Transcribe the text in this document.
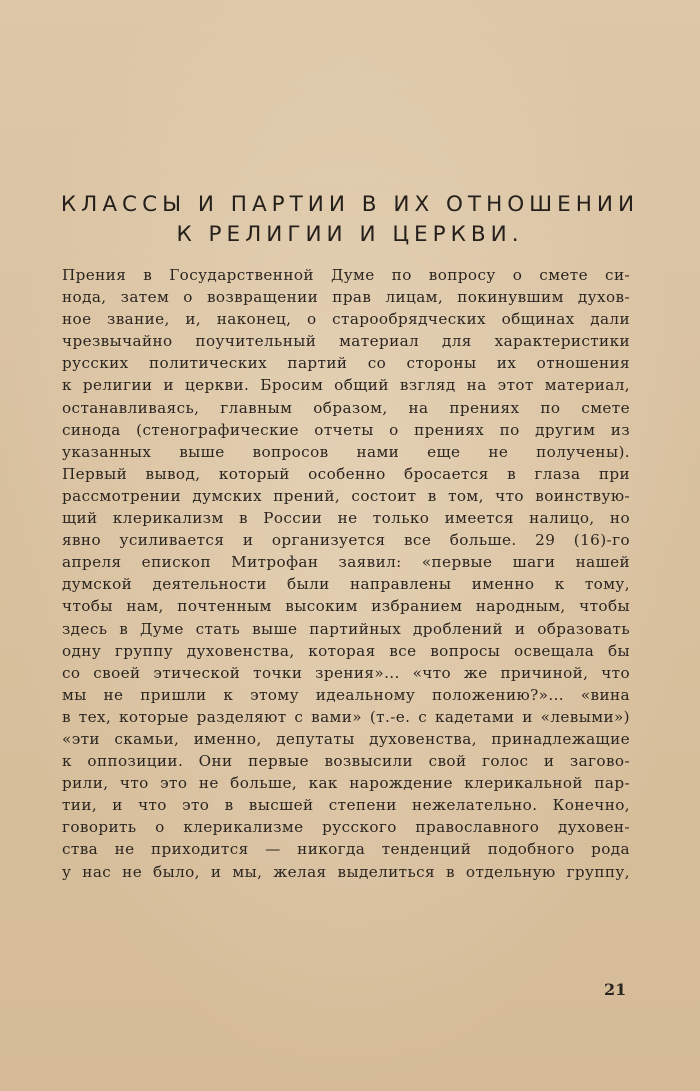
КЛАССЫ И ПАРТИИ В ИХ ОТНОШЕНИИ
К РЕЛИГИИ И ЦЕРКВИ.

Прения в Государственной Думе по вопросу о смете си-
нода, затем о возвращении прав лицам, покинувшим духов-
ное звание, и, наконец, о старообрядческих общинах дали
чрезвычайно поучительный материал для характеристики
русских политических партий со стороны их отношения
к религии и церкви. Бросим общий взгляд на этот материал,
останавливаясь, главным образом, на прениях по смете
синода (стенографические отчеты о прениях по другим из
указанных выше вопросов нами еще не получены).

Первый вывод, который особенно бросается в глаза при
рассмотрении думских прений, состоит в том, что воинствую-
щий клерикализм в России не только имеется налицо, но
явно усиливается и организуется все больше. 29 (16)-го
апреля епископ Митрофан заявил: «первые шаги нашей
думской деятельности были направлены именно к тому,
чтобы нам, почтенным высоким избранием народным, чтобы
здесь в Думе стать выше партийных дроблений и образовать
одну группу духовенства, которая все вопросы освещала бы
со своей этической точки зрения»... «что же причиной, что
мы не пришли к этому идеальному положению?»... «вина
в тех, которые разделяют с вами» (т.-е. с кадетами и «левыми»)
«эти скамьи, именно, депутаты духовенства, принадлежащие
к оппозиции. Они первые возвысили свой голос и загово-
рили, что это не больше, как нарождение клерикальной пар-
тии, и что это в высшей степени нежелательно. Конечно,
говорить о клерикализме русского православного духовен-
ства не приходится — никогда тенденций подобного рода
у нас не было, и мы, желая выделиться в отдельную группу,

21
